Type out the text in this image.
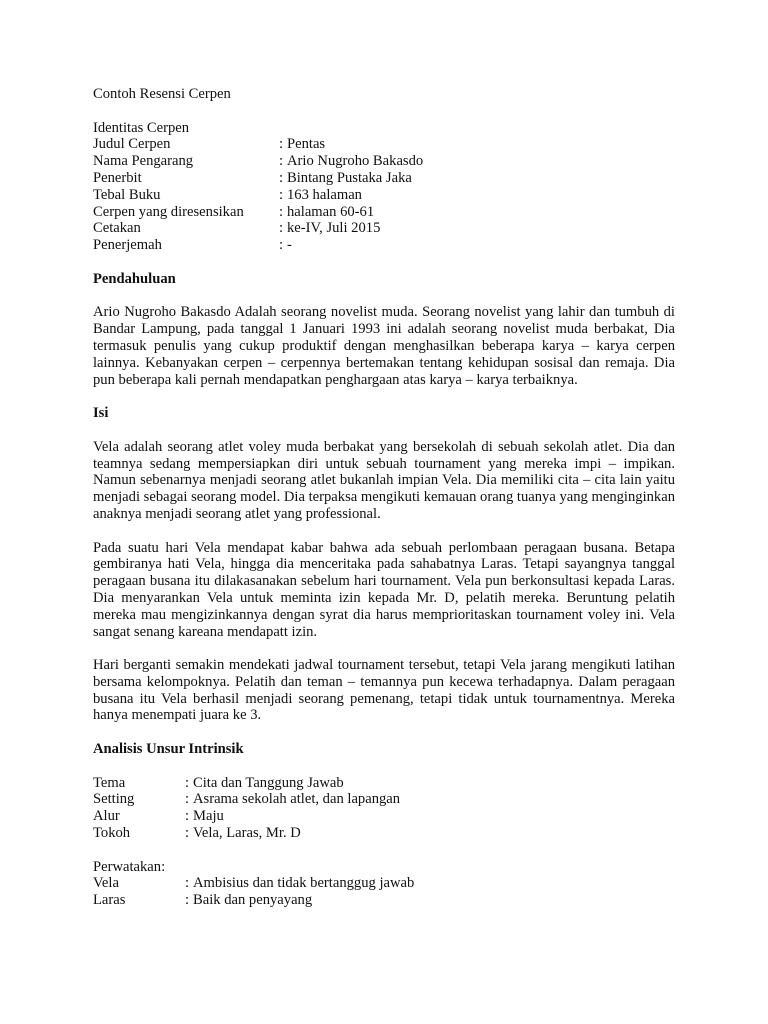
Contoh Resensi Cerpen
Identitas Cerpen
Judul Cerpen	: Pentas
Nama Pengarang	: Ario Nugroho Bakasdo
Penerbit	: Bintang Pustaka Jaka
Tebal Buku	: 163 halaman
Cerpen yang diresensikan	: halaman 60-61
Cetakan	: ke-IV, Juli 2015
Penerjemah	: -
Pendahuluan

Ario Nugroho Bakasdo Adalah seorang novelist muda. Seorang novelist yang lahir dan tumbuh di Bandar Lampung, pada tanggal 1 Januari 1993 ini adalah seorang novelist muda berbakat, Dia termasuk penulis yang cukup produktif dengan menghasilkan beberapa karya – karya cerpen lainnya. Kebanyakan cerpen – cerpennya bertemakan tentang kehidupan sosisal dan remaja. Dia pun beberapa kali pernah mendapatkan penghargaan atas karya – karya terbaiknya.

Isi

Vela adalah seorang atlet voley muda berbakat yang bersekolah di sebuah sekolah atlet. Dia dan teamnya sedang mempersiapkan diri untuk sebuah tournament yang mereka impi – impikan. Namun sebenarnya menjadi seorang atlet bukanlah impian Vela. Dia memiliki cita – cita lain yaitu menjadi sebagai seorang model. Dia terpaksa mengikuti kemauan orang tuanya yang menginginkan anaknya menjadi seorang atlet yang professional.

Pada suatu hari Vela mendapat kabar bahwa ada sebuah perlombaan peragaan busana. Betapa gembiranya hati Vela, hingga dia menceritaka pada sahabatnya Laras. Tetapi sayangnya tanggal peragaan busana itu dilakasanakan sebelum hari tournament. Vela pun berkonsultasi kepada Laras. Dia menyarankan Vela untuk meminta izin kepada Mr. D, pelatih mereka. Beruntung pelatih mereka mau mengizinkannya dengan syrat dia harus memprioritaskan tournament voley ini. Vela sangat senang kareana mendapatt izin.

Hari berganti semakin mendekati jadwal tournament tersebut, tetapi Vela jarang mengikuti latihan bersama kelompoknya. Pelatih dan teman – temannya pun kecewa terhadapnya. Dalam peragaan busana itu Vela berhasil menjadi seorang pemenang, tetapi tidak untuk tournamentnya. Mereka hanya menempati juara ke 3.

Analisis Unsur Intrinsik
Tema	: Cita dan Tanggung Jawab
Setting	: Asrama sekolah atlet, dan lapangan
Alur	: Maju
Tokoh	: Vela, Laras, Mr. D
Perwatakan:
Vela	: Ambisius dan tidak bertanggug jawab
Laras	: Baik dan penyayang
